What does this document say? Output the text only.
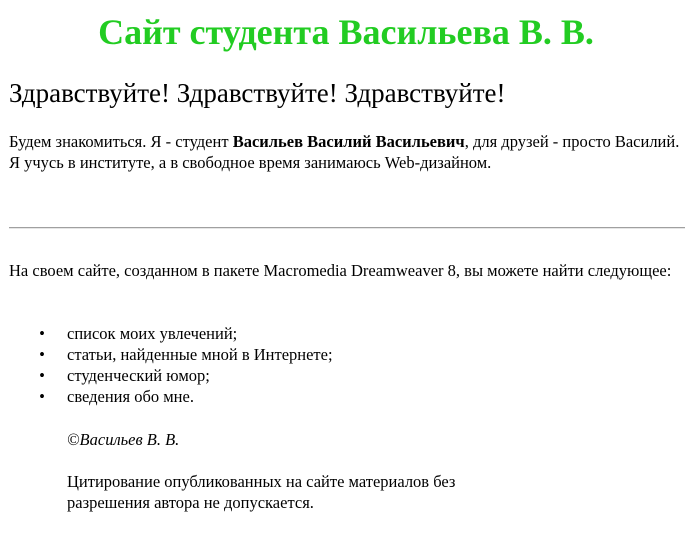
Сайт студента Васильева В. В.
Здравствуйте! Здравствуйте! Здравствуйте!

Будем знакомиться. Я - студент Васильев Василий Васильевич, для друзей - просто Василий. Я учусь в институте, а в свободное время занимаюсь Web-дизайном.

На своем сайте, созданном в пакете Macromedia Dreamweaver 8, вы можете найти следующее:

• список моих увлечений;
• статьи, найденные мной в Интернете;
• студенческий юмор;
• сведения обо мне.

©Васильев В. В.

Цитирование опубликованных на сайте материалов без разрешения автора не допускается.
